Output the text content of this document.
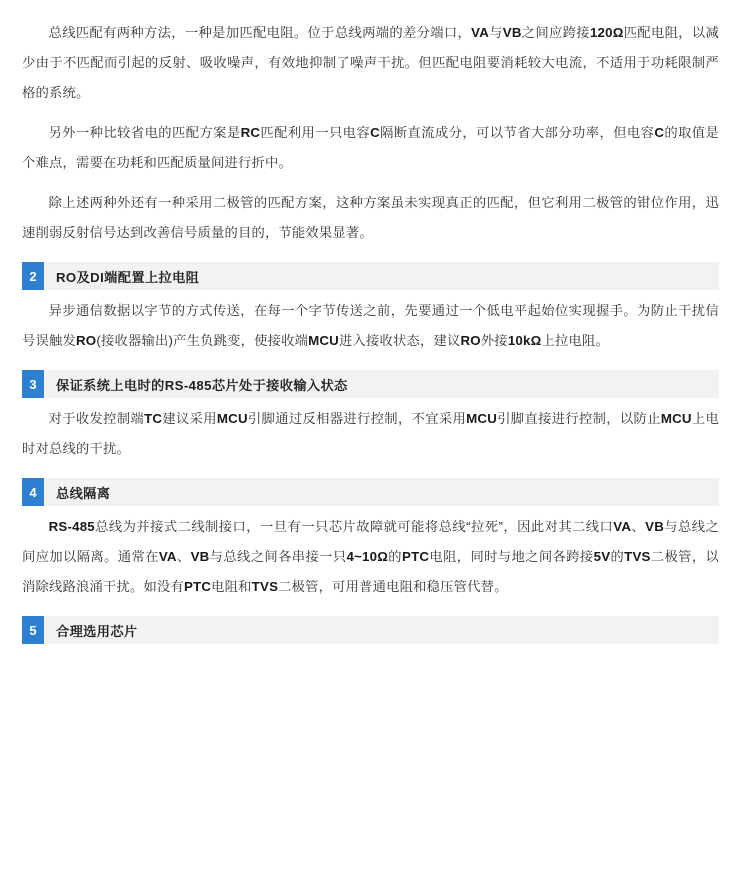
总线匹配有两种方法，一种是加匹配电阻。位于总线两端的差分端口，VA与VB之间应跨接120Ω匹配电阻，以减少由于不匹配而引起的反射、吸收噪声，有效地抑制了噪声干扰。但匹配电阻要消耗较大电流，不适用于功耗限制严格的系统。

另外一种比较省电的匹配方案是RC匹配利用一只电容C隔断直流成分，可以节省大部分功率，但电容C的取值是个难点，需要在功耗和匹配质量间进行折中。

除上述两种外还有一种采用二极管的匹配方案，这种方案虽未实现真正的匹配，但它利用二极管的钳位作用，迅速削弱反射信号达到改善信号质量的目的，节能效果显著。

2	RO及DI端配置上拉电阻

异步通信数据以字节的方式传送，在每一个字节传送之前，先要通过一个低电平起始位实现握手。为防止干扰信号误触发RO(接收器输出)产生负跳变，使接收端MCU进入接收状态，建议RO外接10kΩ上拉电阻。

3	保证系统上电时的RS-485芯片处于接收输入状态

对于收发控制端TC建议采用MCU引脚通过反相器进行控制，不宜采用MCU引脚直接进行控制，以防止MCU上电时对总线的干扰。

4	总线隔离

RS-485总线为并接式二线制接口，一旦有一只芯片故障就可能将总线“拉死”，因此对其二线口VA、VB与总线之间应加以隔离。通常在VA、VB与总线之间各串接一只4~10Ω的PTC电阻，同时与地之间各跨接5V的TVS二极管，以消除线路浪涌干扰。如没有PTC电阻和TVS二极管，可用普通电阻和稳压管代替。

5	合理选用芯片
